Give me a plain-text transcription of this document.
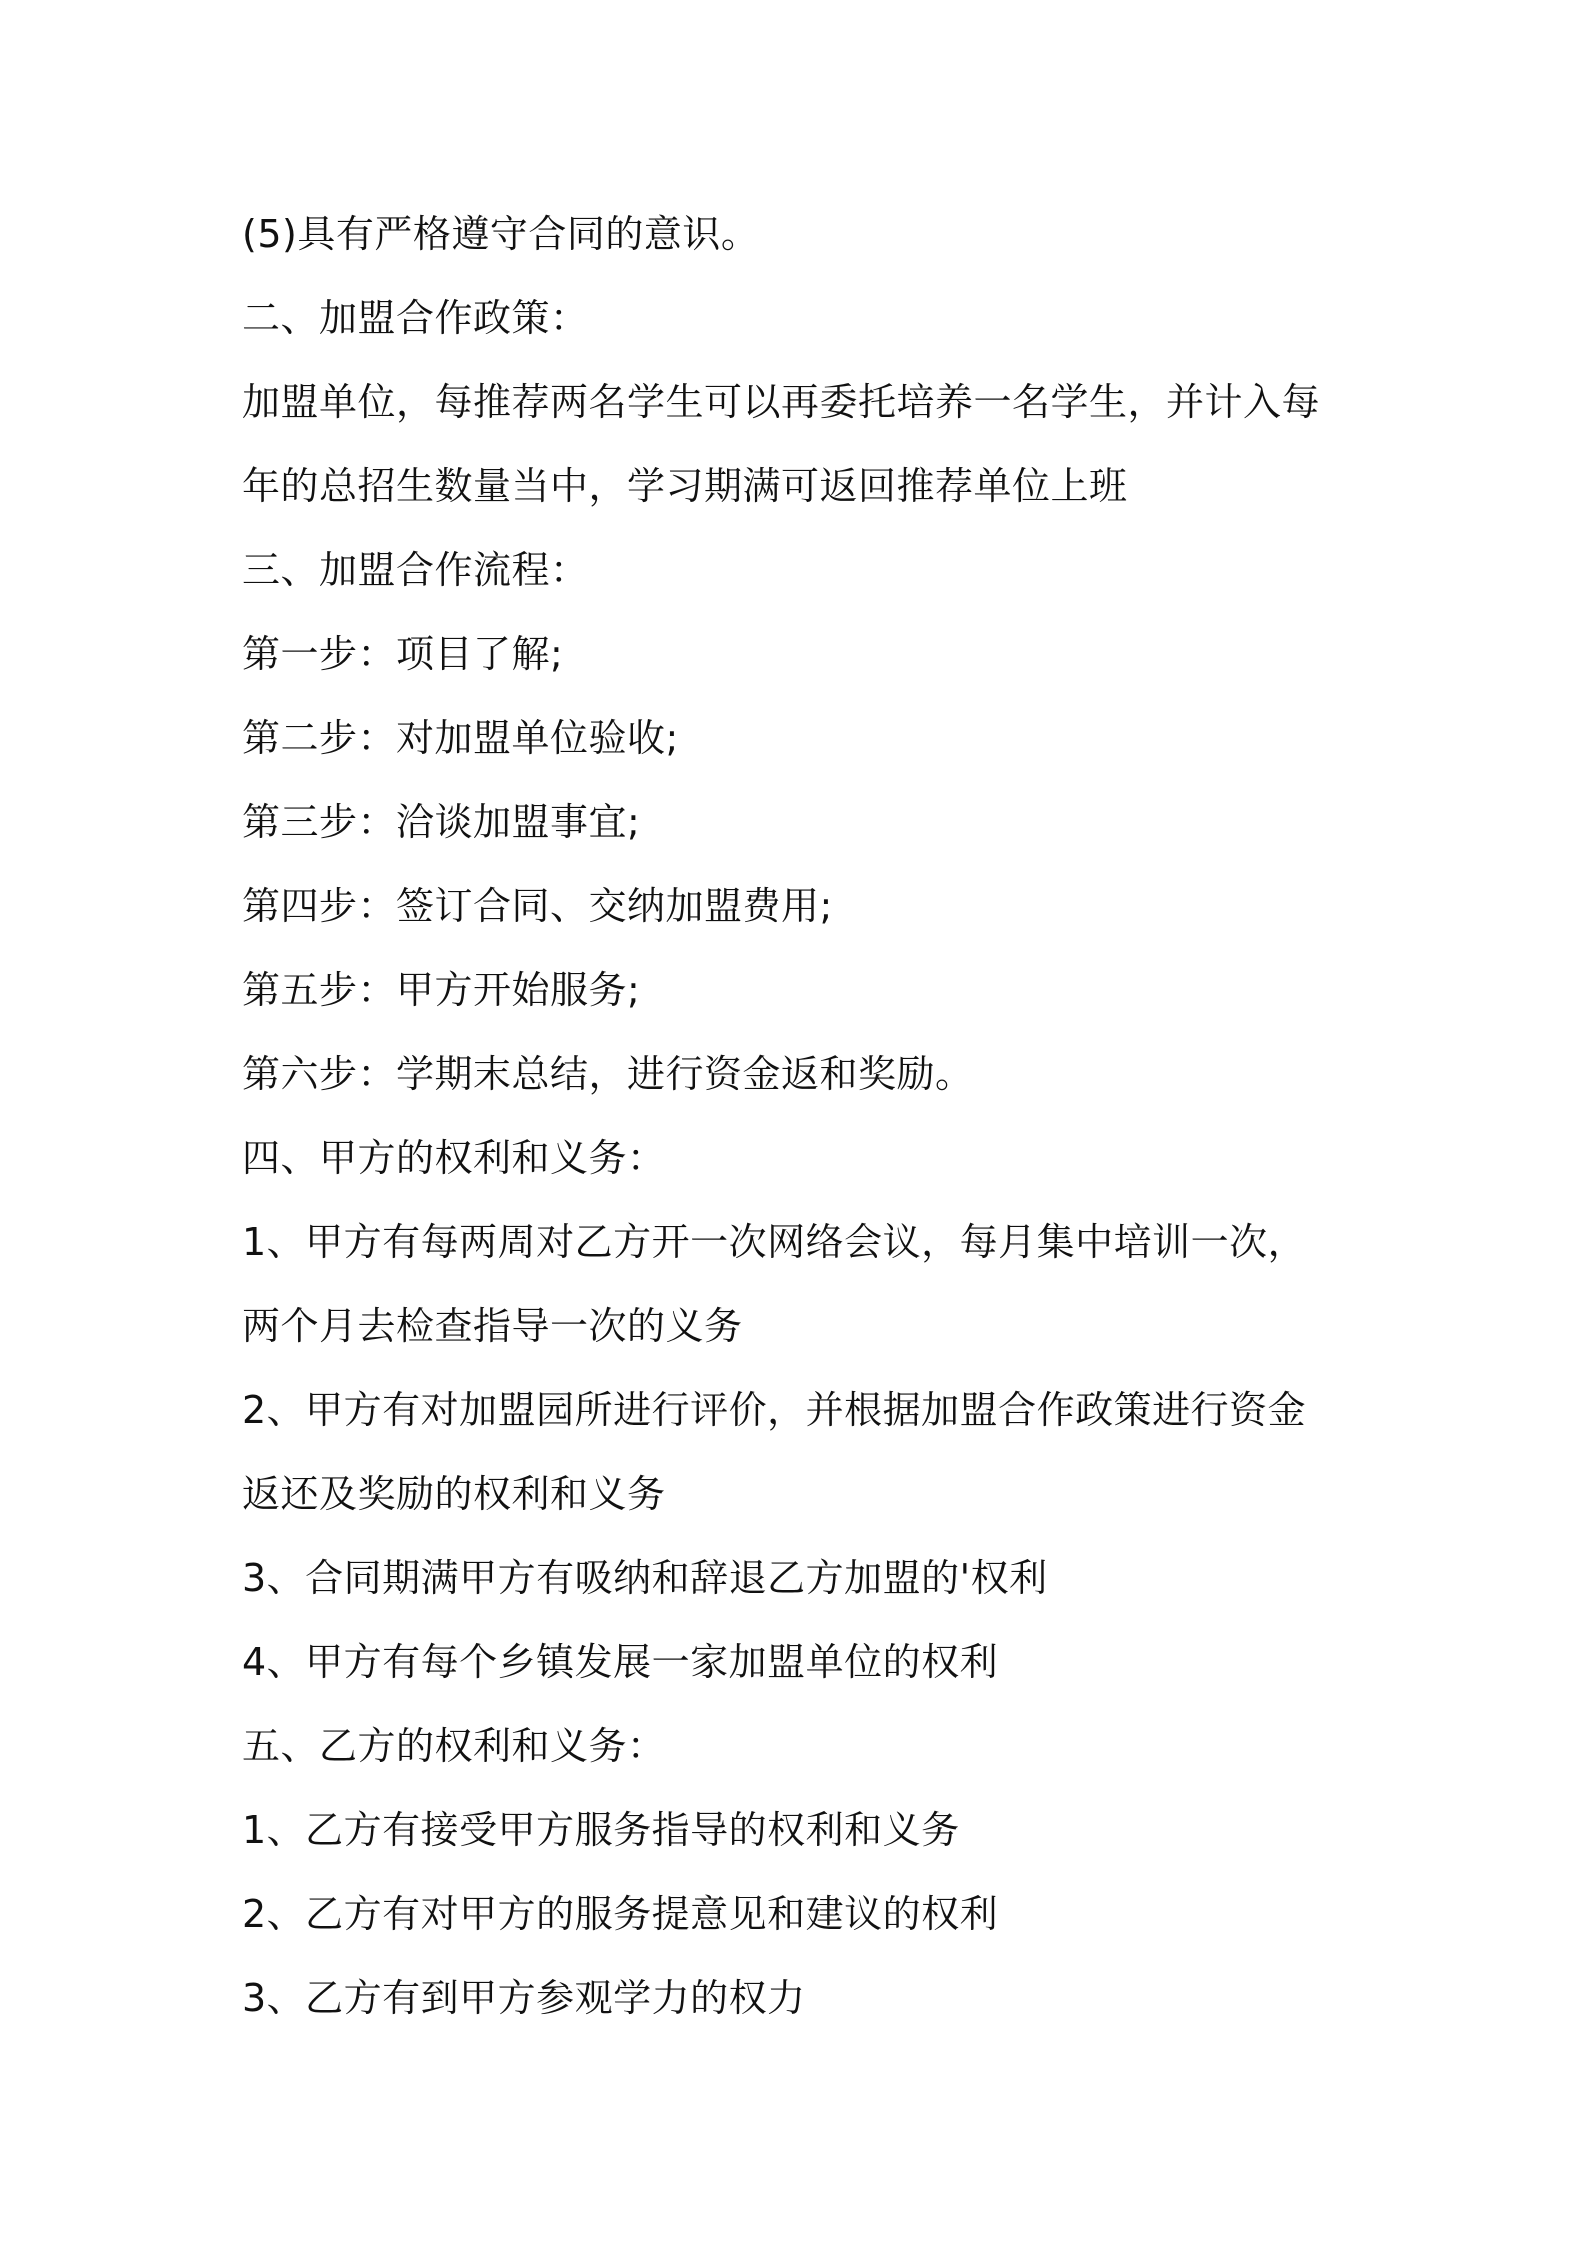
(5)具有严格遵守合同的意识。
二、加盟合作政策：
加盟单位，每推荐两名学生可以再委托培养一名学生，并计入每
年的总招生数量当中，学习期满可返回推荐单位上班
三、加盟合作流程：
第一步：项目了解;
第二步：对加盟单位验收;
第三步：洽谈加盟事宜;
第四步：签订合同、交纳加盟费用;
第五步：甲方开始服务;
第六步：学期末总结，进行资金返和奖励。
四、甲方的权利和义务：
1、甲方有每两周对乙方开一次网络会议，每月集中培训一次，
两个月去检查指导一次的义务
2、甲方有对加盟园所进行评价，并根据加盟合作政策进行资金
返还及奖励的权利和义务
3、合同期满甲方有吸纳和辞退乙方加盟的'权利
4、甲方有每个乡镇发展一家加盟单位的权利
五、乙方的权利和义务：
1、乙方有接受甲方服务指导的权利和义务
2、乙方有对甲方的服务提意见和建议的权利
3、乙方有到甲方参观学力的权力
